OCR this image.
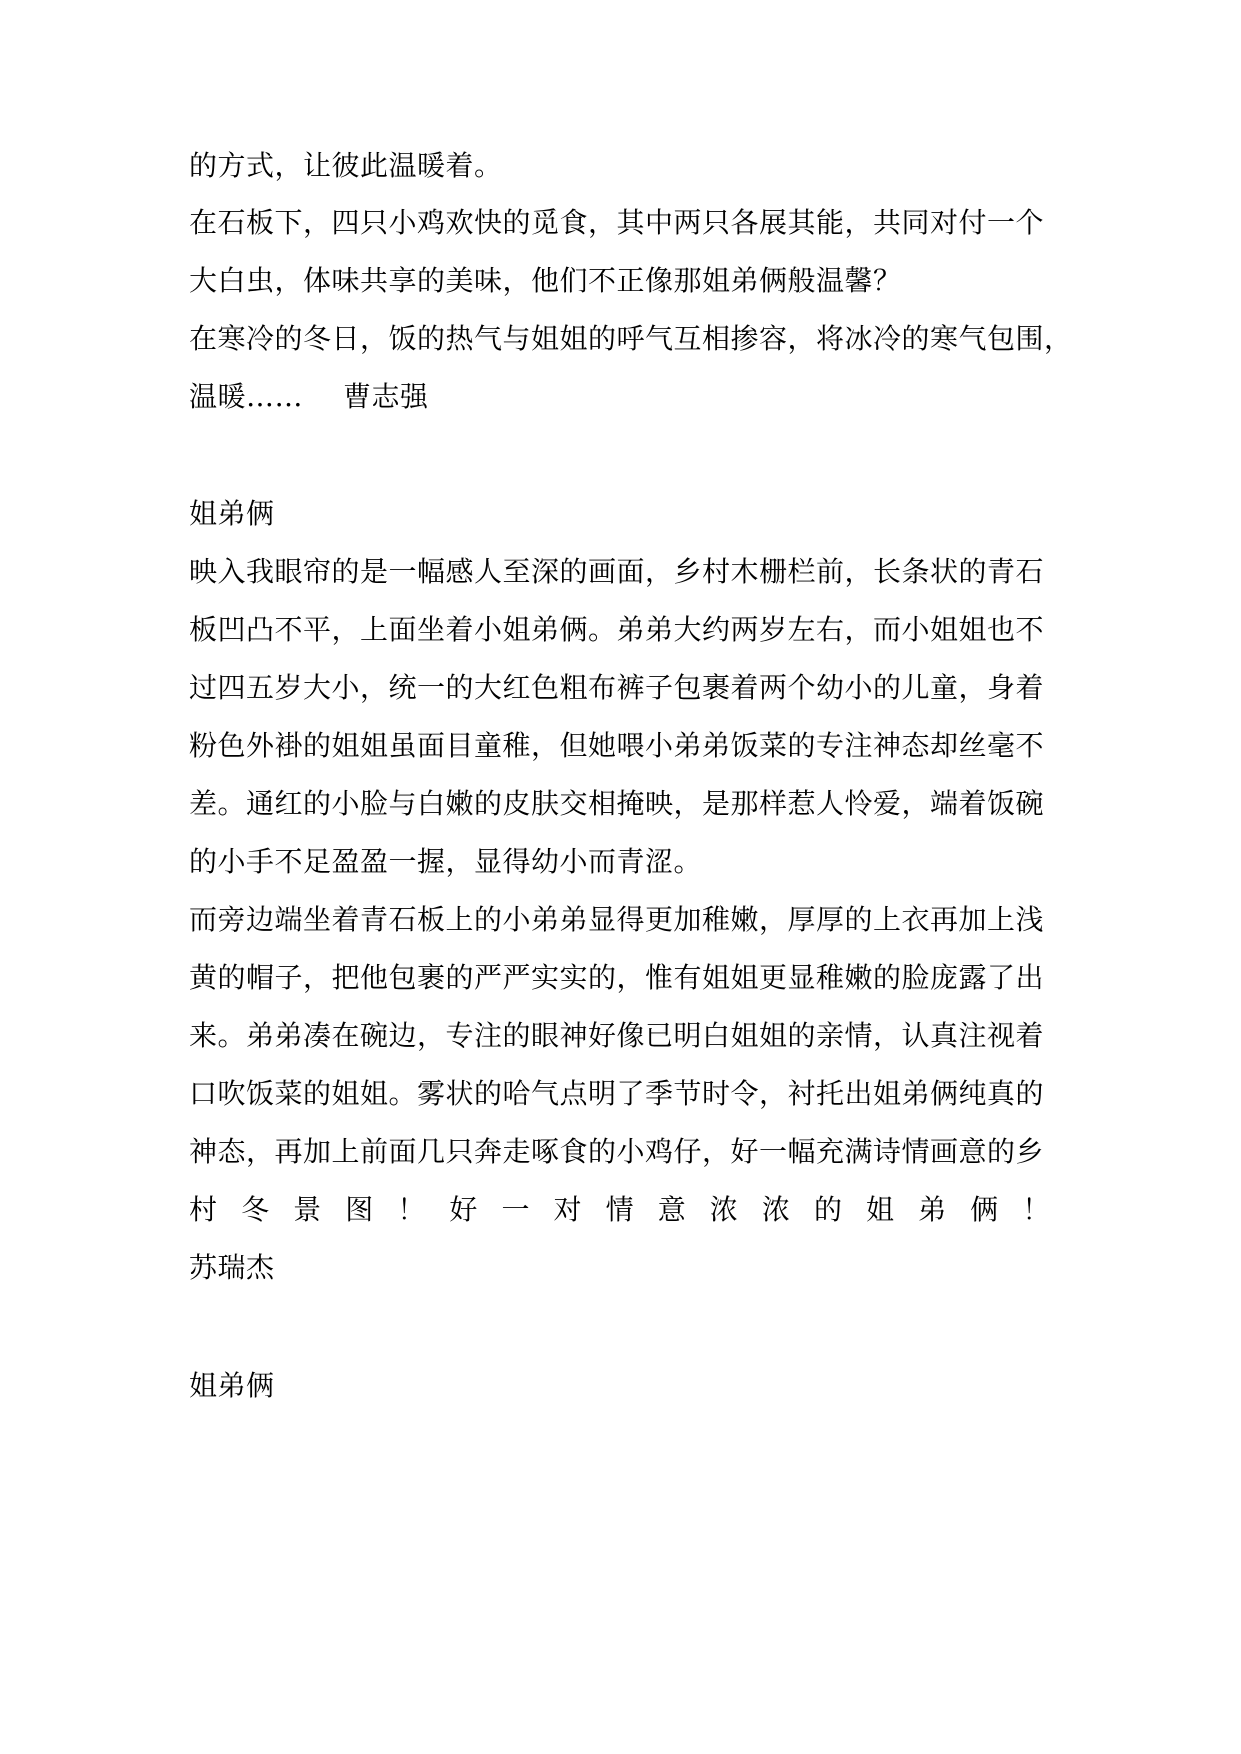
的方式，让彼此温暖着。
在石板下，四只小鸡欢快的觅食，其中两只各展其能，共同对付一个
大白虫，体味共享的美味，他们不正像那姐弟俩般温馨？
在寒冷的冬日，饭的热气与姐姐的呼气互相掺容，将冰冷的寒气包围，
温暖…… 曹志强
姐弟俩
映入我眼帘的是一幅感人至深的画面，乡村木栅栏前，长条状的青石
板凹凸不平，上面坐着小姐弟俩。弟弟大约两岁左右，而小姐姐也不
过四五岁大小，统一的大红色粗布裤子包裹着两个幼小的儿童，身着
粉色外褂的姐姐虽面目童稚，但她喂小弟弟饭菜的专注神态却丝毫不
差。通红的小脸与白嫩的皮肤交相掩映，是那样惹人怜爱，端着饭碗
的小手不足盈盈一握，显得幼小而青涩。
而旁边端坐着青石板上的小弟弟显得更加稚嫩，厚厚的上衣再加上浅
黄的帽子，把他包裹的严严实实的，惟有姐姐更显稚嫩的脸庞露了出
来。弟弟凑在碗边，专注的眼神好像已明白姐姐的亲情，认真注视着
口吹饭菜的姐姐。雾状的哈气点明了季节时令，衬托出姐弟俩纯真的
神态，再加上前面几只奔走啄食的小鸡仔，好一幅充满诗情画意的乡
村 冬 景 图 ！ 好 一 对 情 意 浓 浓 的 姐 弟 俩 ！
苏瑞杰
姐弟俩
